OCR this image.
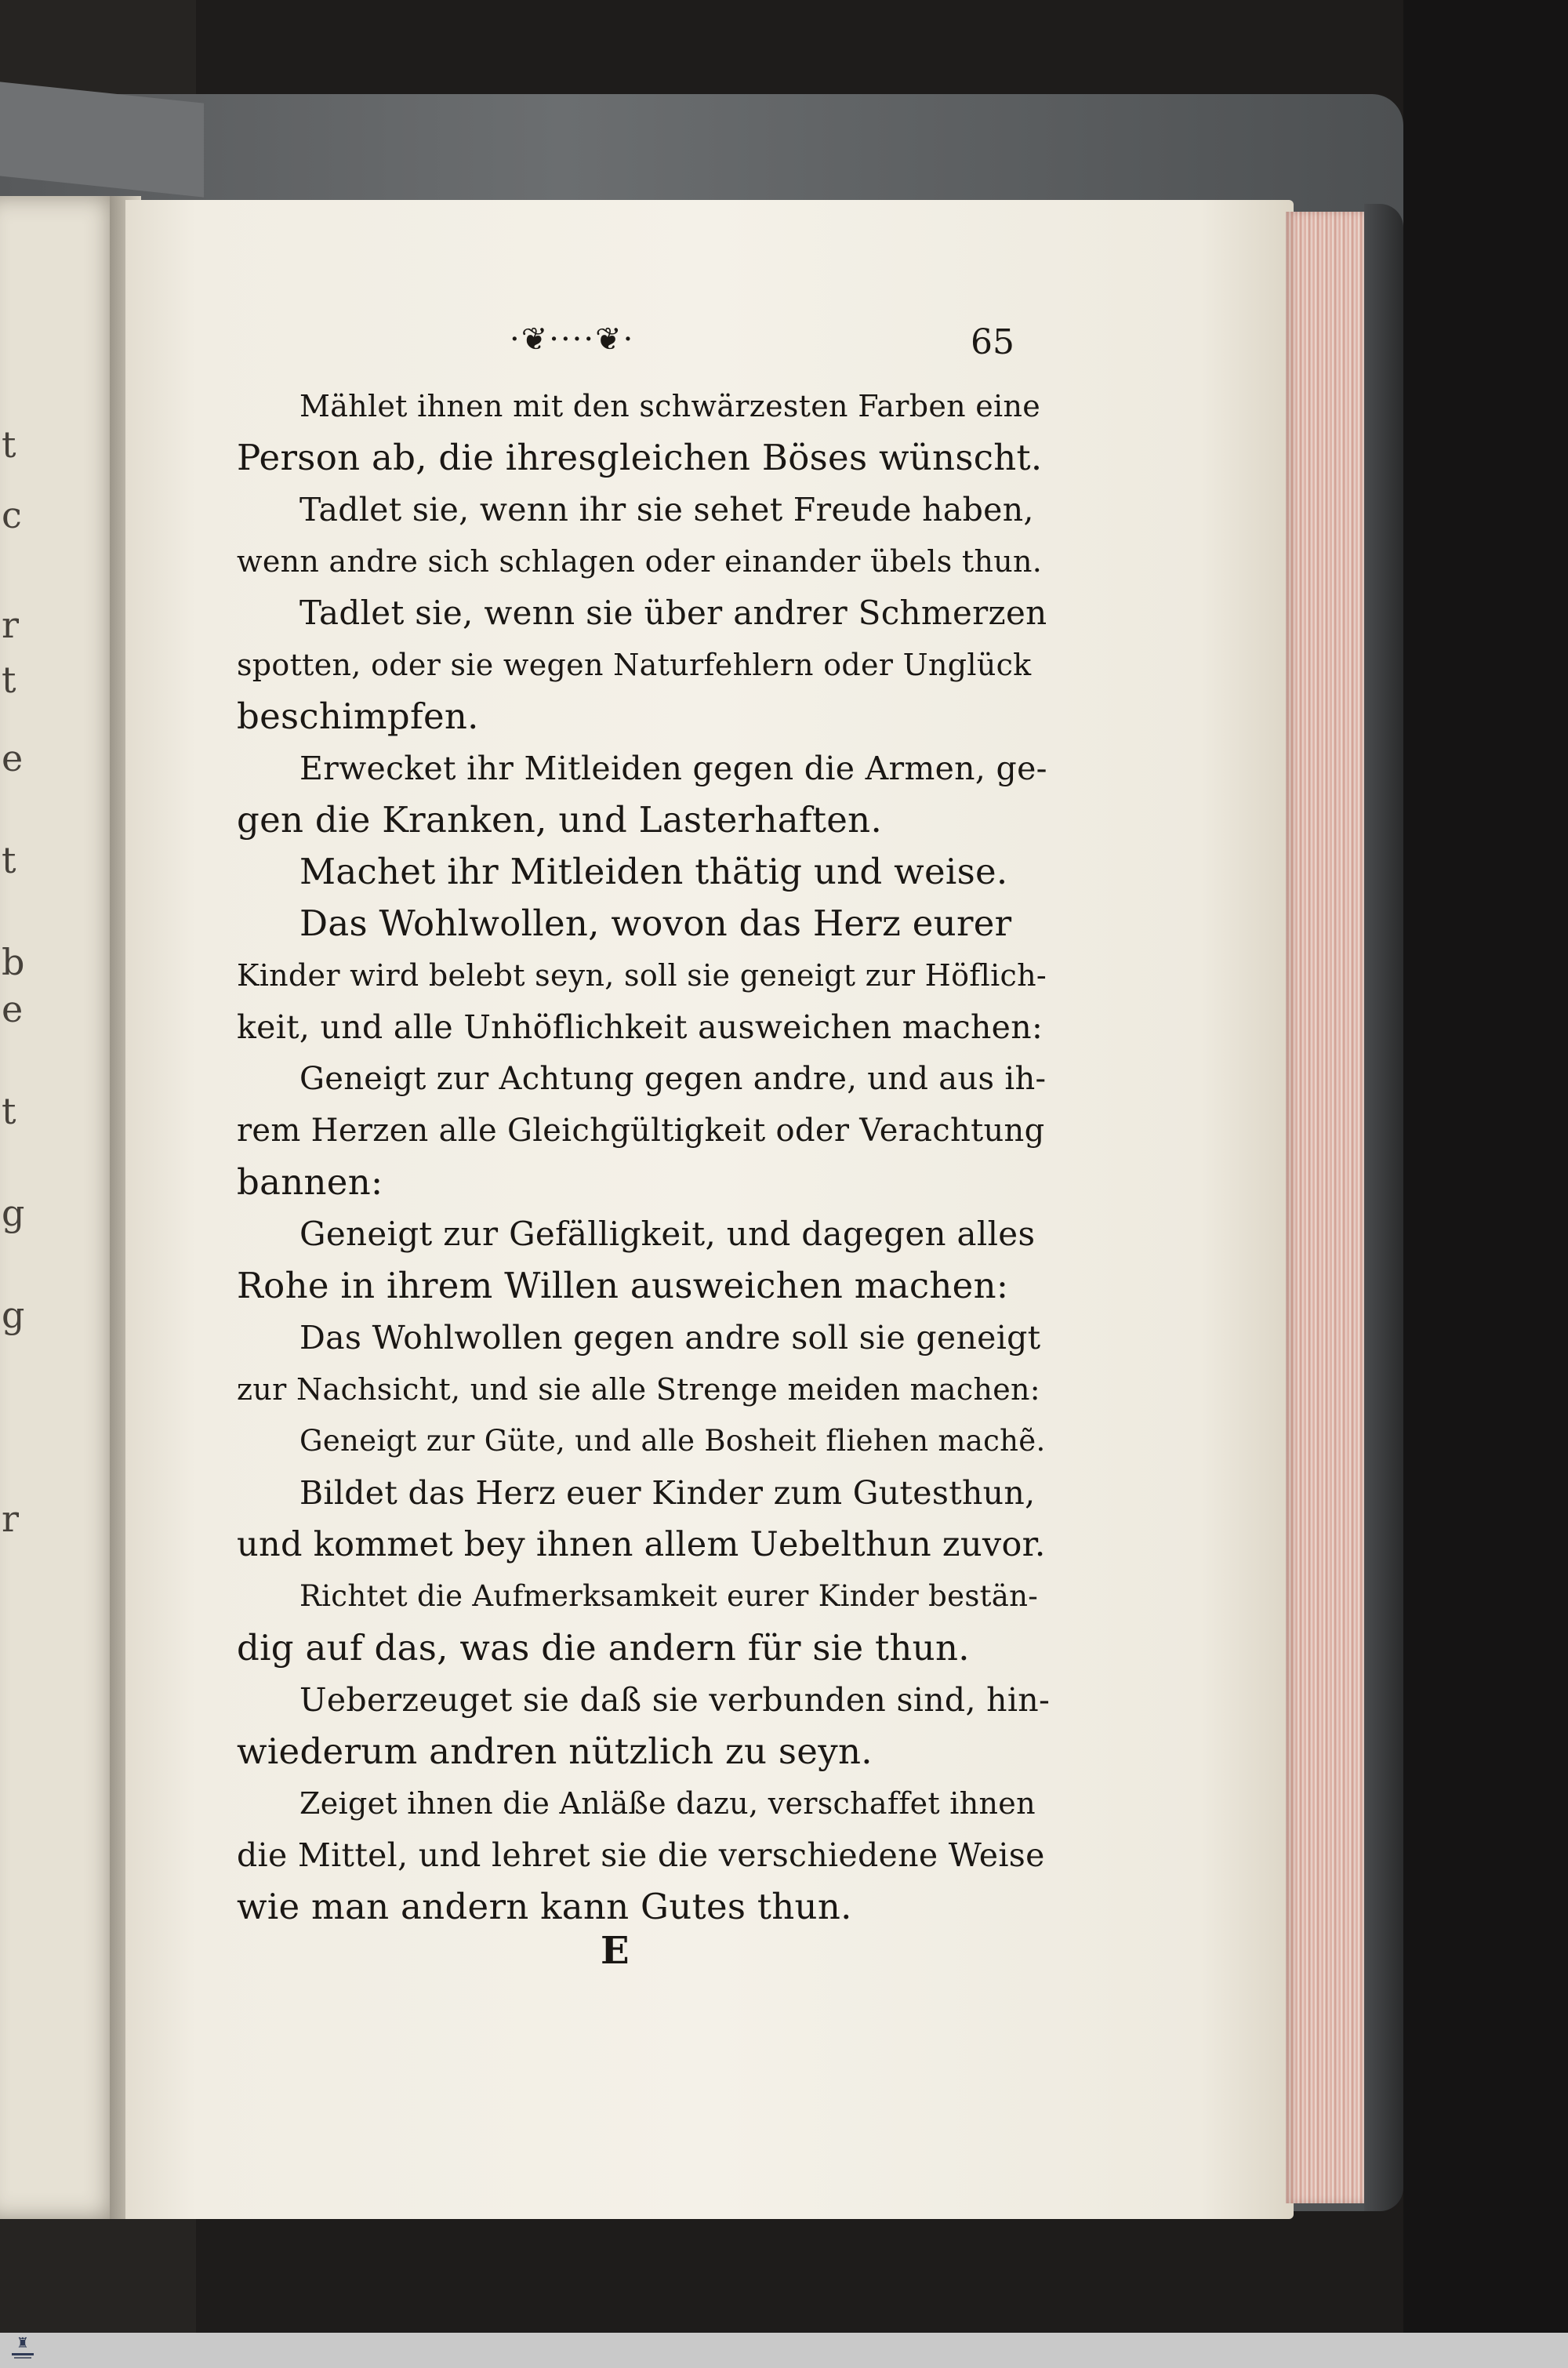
t
c
r
t
e
t
b
e
t
g
g
r
·❦····❦·	65
Mählet ihnen mit den schwärzesten Farben eine
Person ab, die ihresgleichen Böses wünscht.
Tadlet sie, wenn ihr sie sehet Freude haben,
wenn andre sich schlagen oder einander übels thun.
Tadlet sie, wenn sie über andrer Schmerzen
spotten, oder sie wegen Naturfehlern oder Unglück
beschimpfen.
Erwecket ihr Mitleiden gegen die Armen, ge-
gen die Kranken, und Lasterhaften.
Machet ihr Mitleiden thätig und weise.
Das Wohlwollen, wovon das Herz eurer
Kinder wird belebt seyn, soll sie geneigt zur Höflich-
keit, und alle Unhöflichkeit ausweichen machen:
Geneigt zur Achtung gegen andre, und aus ih-
rem Herzen alle Gleichgültigkeit oder Verachtung
bannen:
Geneigt zur Gefälligkeit, und dagegen alles
Rohe in ihrem Willen ausweichen machen:
Das Wohlwollen gegen andre soll sie geneigt
zur Nachsicht, und sie alle Strenge meiden machen:
Geneigt zur Güte, und alle Bosheit fliehen machẽ.
Bildet das Herz euer Kinder zum Gutesthun,
und kommet bey ihnen allem Uebelthun zuvor.
Richtet die Aufmerksamkeit eurer Kinder bestän-
dig auf das, was die andern für sie thun.
Ueberzeuget sie daß sie verbunden sind, hin-
wiederum andren nützlich zu seyn.
Zeiget ihnen die Anläße dazu, verschaffet ihnen
die Mittel, und lehret sie die verschiedene Weise
wie man andern kann Gutes thun.
E
♜
